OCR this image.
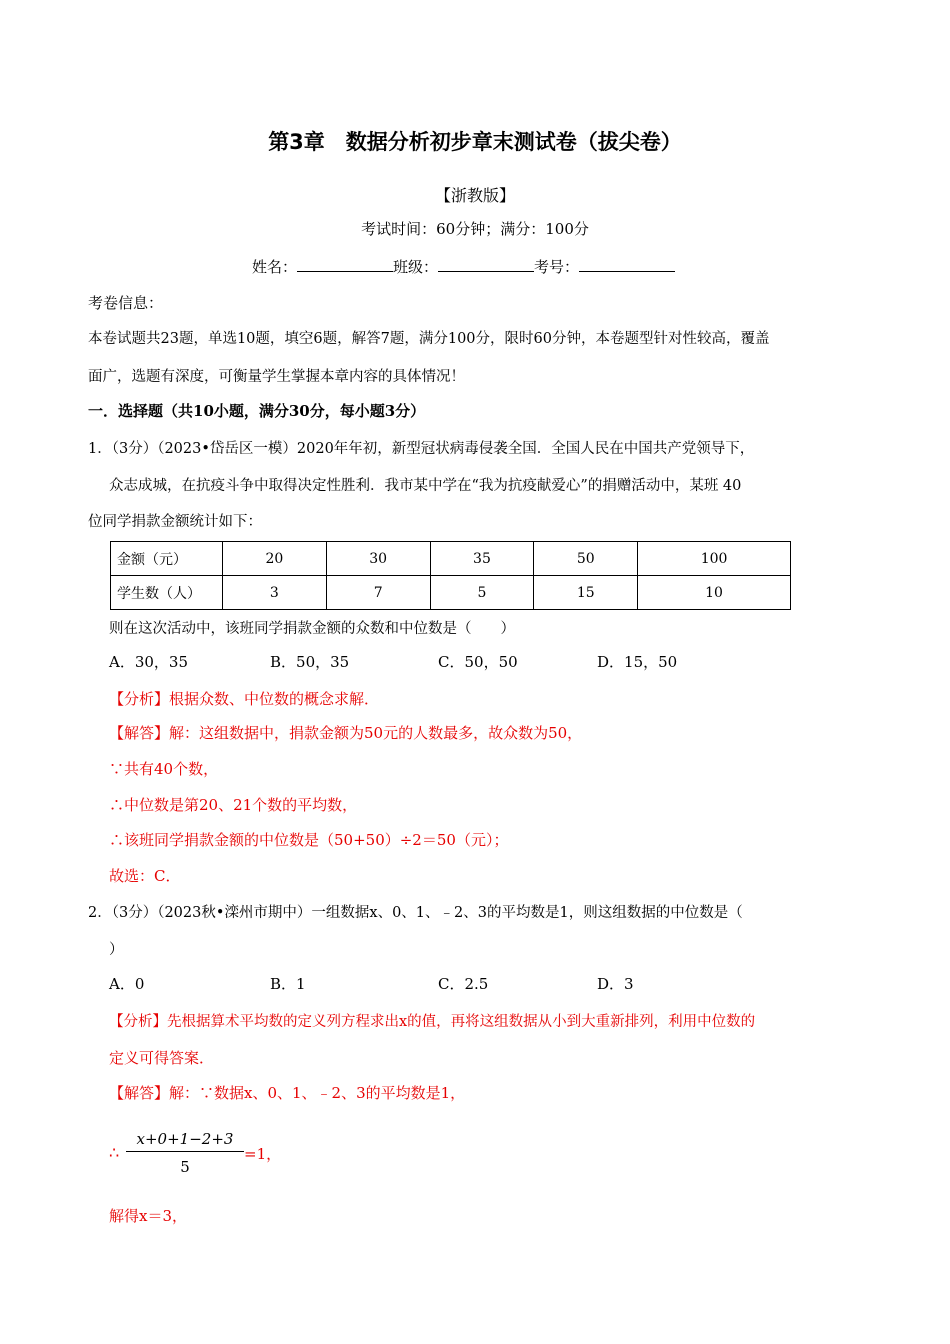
第3章　数据分析初步章末测试卷（拔尖卷）
【浙教版】
考试时间：60分钟；满分：100分
姓名：	班级：	考号：
考卷信息：
本卷试题共23题，单选10题，填空6题，解答7题，满分100分，限时60分钟，本卷题型针对性较高，覆盖
面广，选题有深度，可衡量学生掌握本章内容的具体情况！
一．选择题（共10小题，满分30分，每小题3分）
1．（3分）（2023•岱岳区一模）2020年年初，新型冠状病毒侵袭全国．全国人民在中国共产党领导下，
众志成城，在抗疫斗争中取得决定性胜利．我市某中学在“我为抗疫献爱心”的捐赠活动中，某班 40
位同学捐款金额统计如下：
金额（元）	20	30	35	50	100
学生数（人）	3	7	5	15	10
则在这次活动中，该班同学捐款金额的众数和中位数是（　　）
A．30，35	B．50，35	C．50，50	D．15，50
【分析】根据众数、中位数的概念求解．
【解答】解：这组数据中，捐款金额为50元的人数最多，故众数为50，
∵共有40个数，
∴中位数是第20、21个数的平均数，
∴该班同学捐款金额的中位数是（50+50）÷2＝50（元）；
故选：C．
2．（3分）（2023秋•滦州市期中）一组数据x、0、1、﹣2、3的平均数是1，则这组数据的中位数是（
）
A．0	B．1	C．2.5	D．3
【分析】先根据算术平均数的定义列方程求出x的值，再将这组数据从小到大重新排列，利用中位数的
定义可得答案．
【解答】解：∵数据x、0、1、﹣2、3的平均数是1，
∴ $\frac{x+0+1-2+3}{5} =1$，
解得x＝3，
